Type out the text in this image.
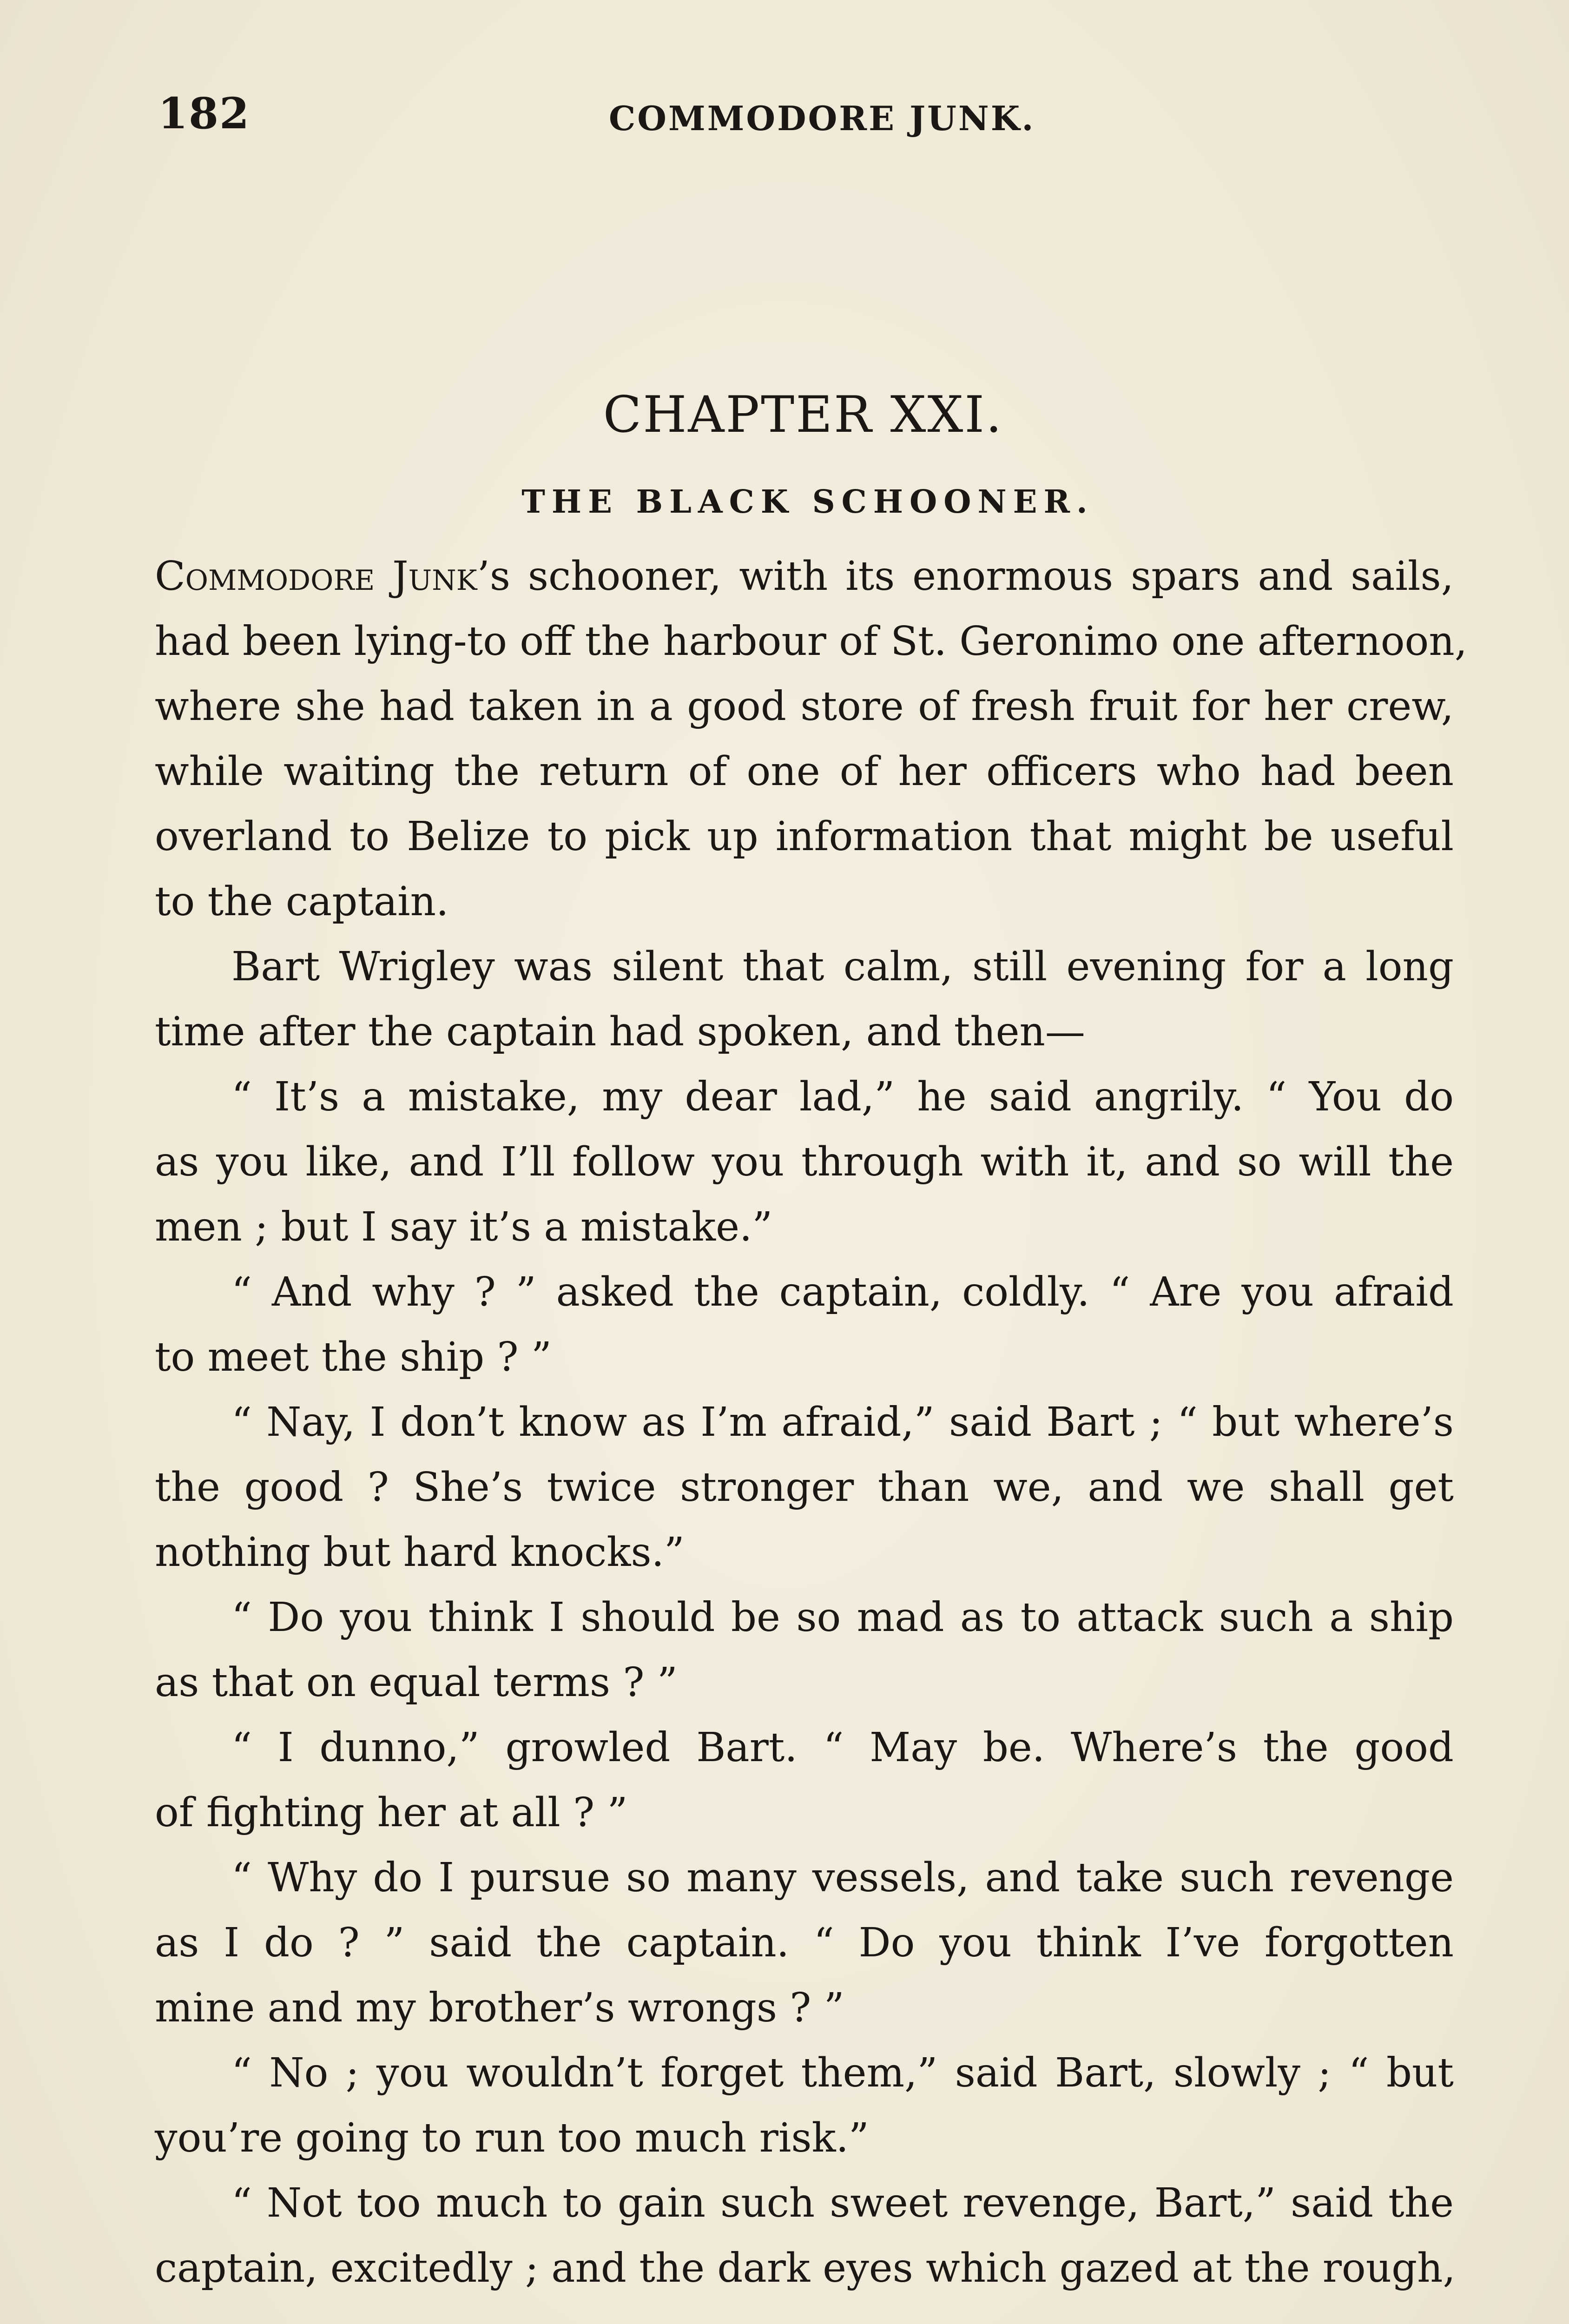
182	COMMODORE JUNK.
CHAPTER XXI.
THE BLACK SCHOONER.
Commodore Junk’s schooner, with its enormous spars and sails,
had been lying-to off the harbour of St. Geronimo one afternoon,
where she had taken in a good store of fresh fruit for her crew,
while waiting the return of one of her officers who had been
overland to Belize to pick up information that might be useful
to the captain.
Bart Wrigley was silent that calm, still evening for a long
time after the captain had spoken, and then—
“ It’s a mistake, my dear lad,” he said angrily. “ You do
as you like, and I’ll follow you through with it, and so will the
men ; but I say it’s a mistake.”
“ And why ? ” asked the captain, coldly. “ Are you afraid
to meet the ship ? ”
“ Nay, I don’t know as I’m afraid,” said Bart ; “ but where’s
the good ? She’s twice stronger than we, and we shall get
nothing but hard knocks.”
“ Do you think I should be so mad as to attack such a ship
as that on equal terms ? ”
“ I dunno,” growled Bart. “ May be. Where’s the good
of fighting her at all ? ”
“ Why do I pursue so many vessels, and take such revenge
as I do ? ” said the captain. “ Do you think I’ve forgotten
mine and my brother’s wrongs ? ”
“ No ; you wouldn’t forget them,” said Bart, slowly ; “ but
you’re going to run too much risk.”
“ Not too much to gain such sweet revenge, Bart,” said the
captain, excitedly ; and the dark eyes which gazed at the rough,
